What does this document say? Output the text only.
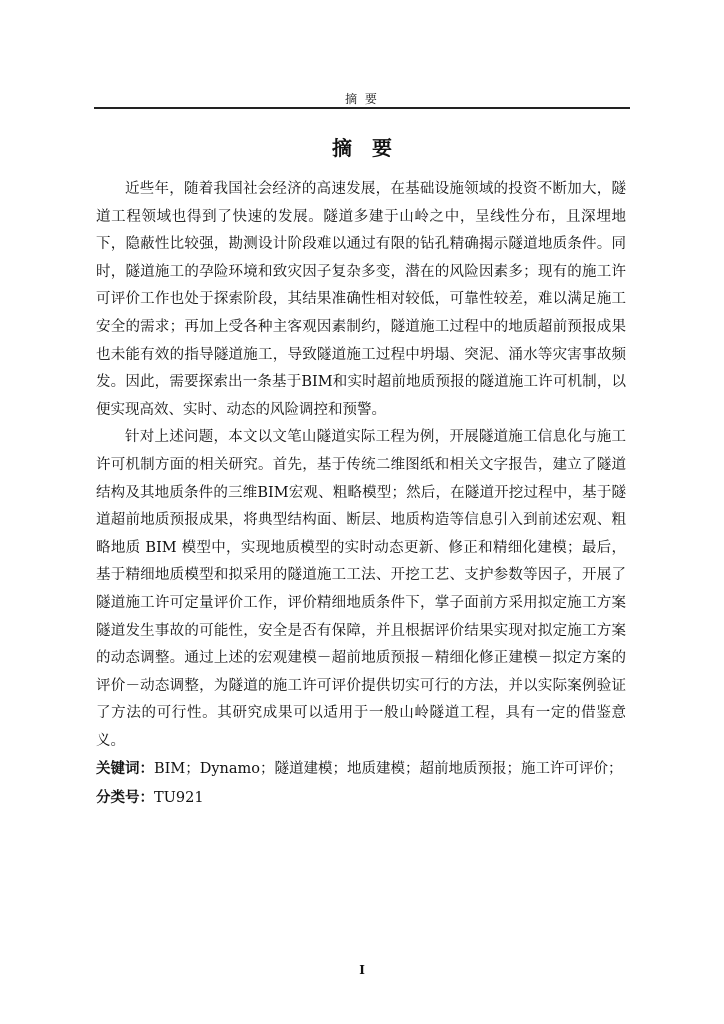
摘 要
摘要

近些年，随着我国社会经济的高速发展，在基础设施领域的投资不断加大，隧道工程领域也得到了快速的发展。隧道多建于山岭之中，呈线性分布，且深埋地下，隐蔽性比较强，勘测设计阶段难以通过有限的钻孔精确揭示隧道地质条件。同时，隧道施工的孕险环境和致灾因子复杂多变，潜在的风险因素多；现有的施工许可评价工作也处于探索阶段，其结果准确性相对较低，可靠性较差，难以满足施工安全的需求；再加上受各种主客观因素制约，隧道施工过程中的地质超前预报成果也未能有效的指导隧道施工，导致隧道施工过程中坍塌、突泥、涌水等灾害事故频发。因此，需要探索出一条基于BIM和实时超前地质预报的隧道施工许可机制，以便实现高效、实时、动态的风险调控和预警。

针对上述问题，本文以文笔山隧道实际工程为例，开展隧道施工信息化与施工许可机制方面的相关研究。首先，基于传统二维图纸和相关文字报告，建立了隧道结构及其地质条件的三维BIM宏观、粗略模型；然后，在隧道开挖过程中，基于隧道超前地质预报成果，将典型结构面、断层、地质构造等信息引入到前述宏观、粗略地质 BIM 模型中，实现地质模型的实时动态更新、修正和精细化建模；最后，基于精细地质模型和拟采用的隧道施工工法、开挖工艺、支护参数等因子，开展了隧道施工许可定量评价工作，评价精细地质条件下，掌子面前方采用拟定施工方案隧道发生事故的可能性，安全是否有保障，并且根据评价结果实现对拟定施工方案的动态调整。通过上述的宏观建模－超前地质预报－精细化修正建模－拟定方案的评价－动态调整，为隧道的施工许可评价提供切实可行的方法，并以实际案例验证了方法的可行性。其研究成果可以适用于一般山岭隧道工程，具有一定的借鉴意义。

关键词：BIM；Dynamo；隧道建模；地质建模；超前地质预报；施工许可评价；
分类号：TU921
I
